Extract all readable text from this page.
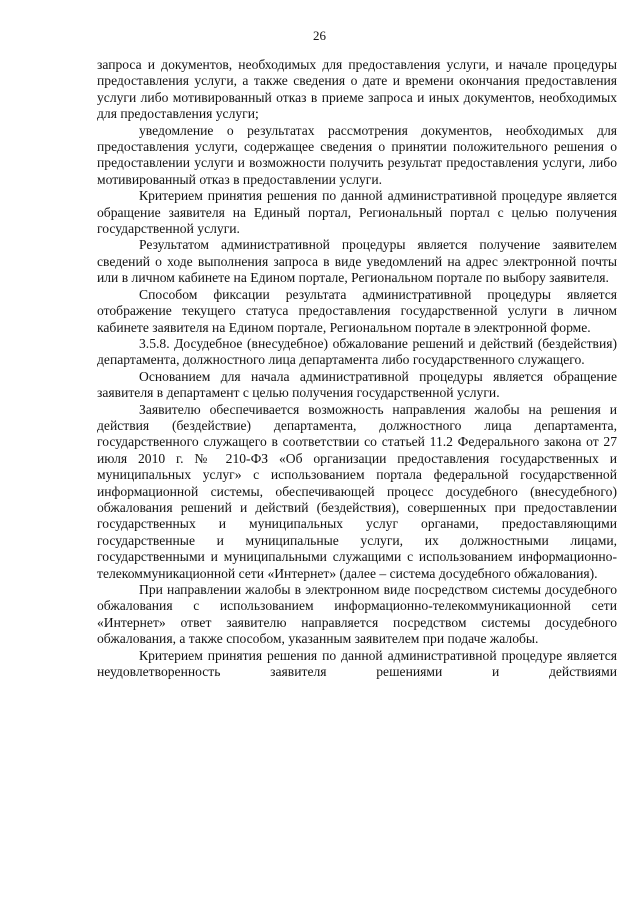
26

запроса и документов, необходимых для предоставления услуги, и начале процедуры предоставления услуги, а также сведения о дате и времени окончания предоставления услуги либо мотивированный отказ в приеме запроса и иных документов, необходимых для предоставления услуги;

уведомление о результатах рассмотрения документов, необходимых для предоставления услуги, содержащее сведения о принятии положительного решения о предоставлении услуги и возможности получить результат предоставления услуги, либо мотивированный отказ в предоставлении услуги.

Критерием принятия решения по данной административной процедуре является обращение заявителя на Единый портал, Региональный портал с целью получения государственной услуги.

Результатом административной процедуры является получение заявителем сведений о ходе выполнения запроса в виде уведомлений на адрес электронной почты или в личном кабинете на Едином портале, Региональном портале по выбору заявителя.

Способом фиксации результата административной процедуры является отображение текущего статуса предоставления государственной услуги в личном кабинете заявителя на Едином портале, Региональном портале в электронной форме.

3.5.8. Досудебное (внесудебное) обжалование решений и действий (бездействия) департамента, должностного лица департамента либо государственного служащего.

Основанием для начала административной процедуры является обращение заявителя в департамент с целью получения государственной услуги.

Заявителю обеспечивается возможность направления жалобы на решения и действия (бездействие) департамента, должностного лица департамента, государственного служащего в соответствии со статьей 11.2 Федерального закона от 27 июля 2010 г. № 210-ФЗ «Об организации предоставления государственных и муниципальных услуг» с использованием портала федеральной государственной информационной системы, обеспечивающей процесс досудебного (внесудебного) обжалования решений и действий (бездействия), совершенных при предоставлении государственных и муниципальных услуг органами, предоставляющими государственные и муниципальные услуги, их должностными лицами, государственными и муниципальными служащими с использованием информационно-телекоммуникационной сети «Интернет» (далее – система досудебного обжалования).

При направлении жалобы в электронном виде посредством системы досудебного обжалования с использованием информационно-телекоммуникационной сети «Интернет» ответ заявителю направляется посредством системы досудебного обжалования, а также способом, указанным заявителем при подаче жалобы.

Критерием принятия решения по данной административной процедуре является неудовлетворенность заявителя решениями и действиями
